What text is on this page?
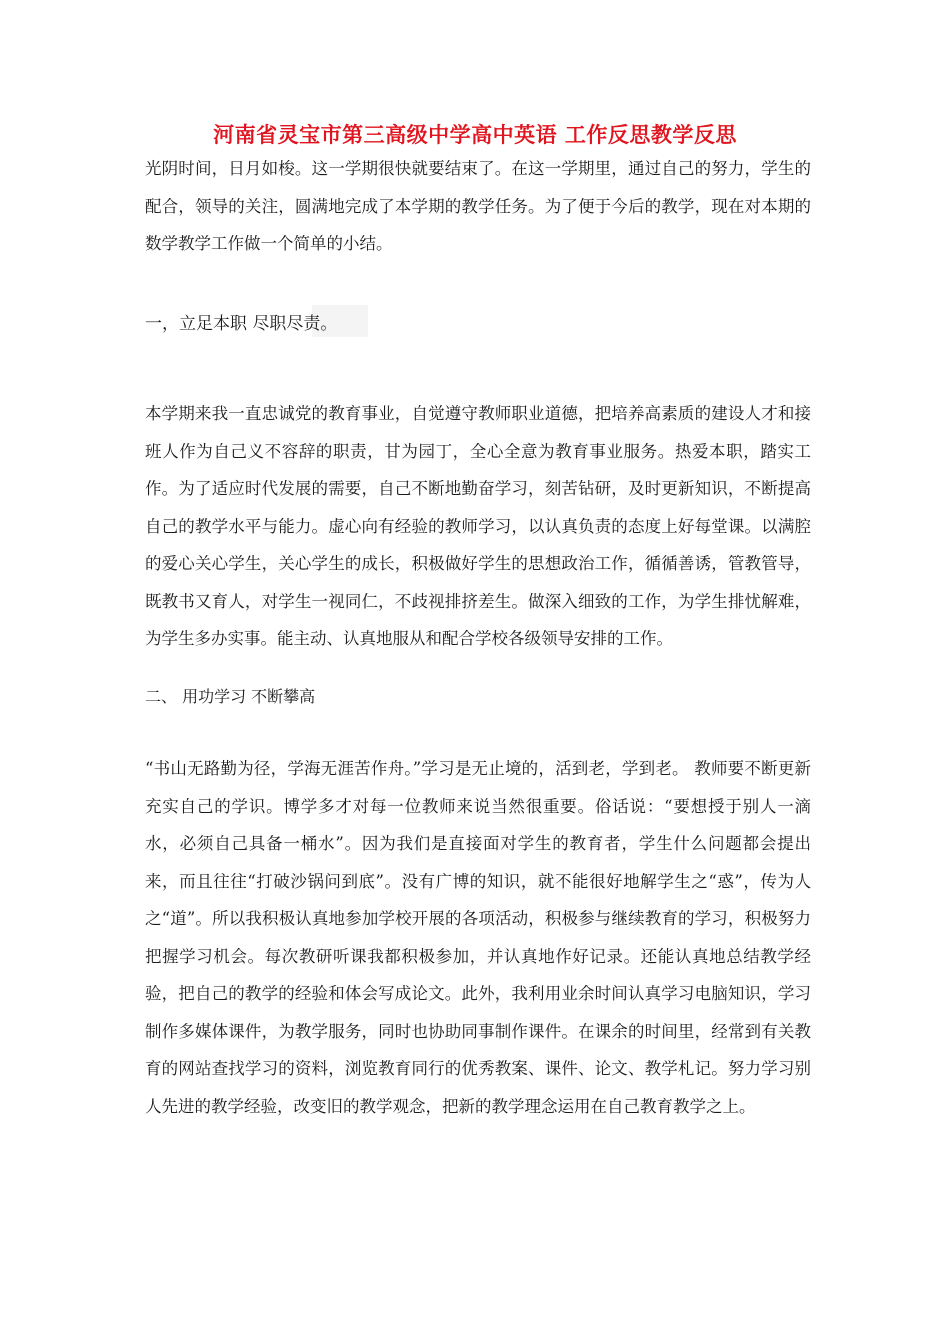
河南省灵宝市第三高级中学高中英语 工作反思教学反思

光阴时间，日月如梭。这一学期很快就要结束了。在这一学期里，通过自己的努力，学生的配合，领导的关注，圆满地完成了本学期的教学任务。为了便于今后的教学，现在对本期的数学教学工作做一个简单的小结。

一，立足本职 尽职尽责。

本学期来我一直忠诚党的教育事业，自觉遵守教师职业道德，把培养高素质的建设人才和接班人作为自己义不容辞的职责，甘为园丁，全心全意为教育事业服务。热爱本职，踏实工作。为了适应时代发展的需要，自己不断地勤奋学习，刻苦钻研，及时更新知识，不断提高自己的教学水平与能力。虚心向有经验的教师学习，以认真负责的态度上好每堂课。以满腔的爱心关心学生，关心学生的成长，积极做好学生的思想政治工作，循循善诱，管教管导，既教书又育人，对学生一视同仁，不歧视排挤差生。做深入细致的工作，为学生排忧解难，为学生多办实事。能主动、认真地服从和配合学校各级领导安排的工作。

二、 用功学习 不断攀高

“书山无路勤为径，学海无涯苦作舟。”学习是无止境的，活到老，学到老。 教师要不断更新充实自己的学识。博学多才对每一位教师来说当然很重要。俗话说：“要想授于别人一滴水，必须自己具备一桶水”。因为我们是直接面对学生的教育者，学生什么问题都会提出来，而且往往“打破沙锅问到底”。没有广博的知识，就不能很好地解学生之“惑”，传为人之“道”。所以我积极认真地参加学校开展的各项活动，积极参与继续教育的学习，积极努力把握学习机会。每次教研听课我都积极参加，并认真地作好记录。还能认真地总结教学经验，把自己的教学的经验和体会写成论文。此外，我利用业余时间认真学习电脑知识，学习制作多媒体课件，为教学服务，同时也协助同事制作课件。在课余的时间里，经常到有关教育的网站查找学习的资料，浏览教育同行的优秀教案、课件、论文、教学札记。努力学习别人先进的教学经验，改变旧的教学观念，把新的教学理念运用在自己教育教学之上。
